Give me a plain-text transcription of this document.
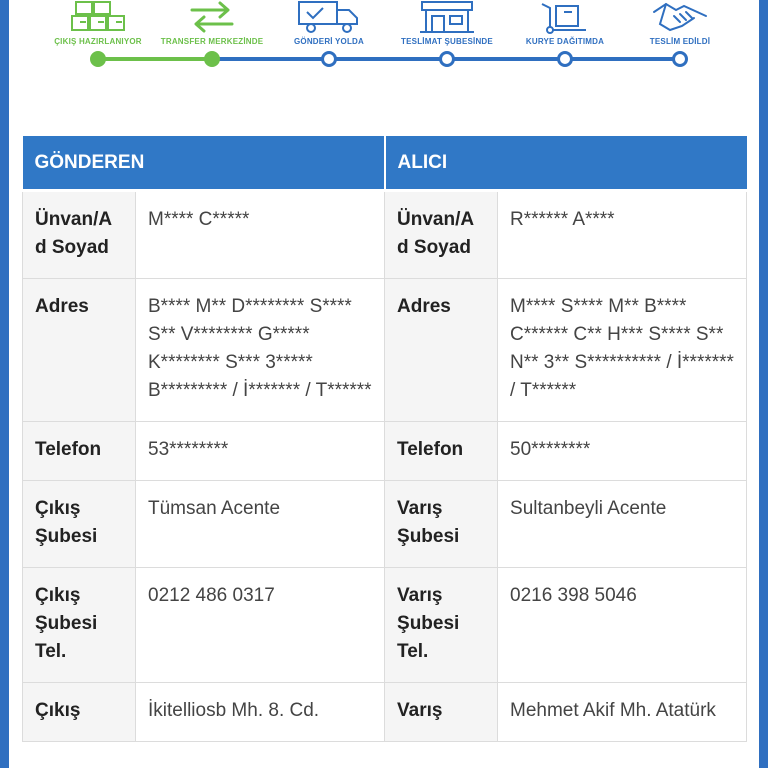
ÇIKIŞ HAZIRLANIYOR	TRANSFER MERKEZİNDE	GÖNDERİ YOLDA	TESLİMAT ŞUBESİNDE	KURYE DAĞITIMDA	TESLİM EDİLDİ
GÖNDEREN		ALICI	
Ünvan/Ad Soyad	M**** C*****	Ünvan/Ad Soyad	R****** A****
Adres	B**** M** D******** S**** S** V******** G***** K******** S*** 3***** B********* / İ******* / T******	Adres	M**** S**** M** B**** C****** C** H*** S**** S** N** 3** S********** / İ******* / T******
Telefon	53********	Telefon	50********
Çıkış Şubesi	Tümsan Acente	Varış Şubesi	Sultanbeyli Acente
Çıkış Şubesi Tel.	0212 486 0317	Varış Şubesi Tel.	0216 398 5046
Çıkış	İkitelliosb Mh. 8. Cd.	Varış	Mehmet Akif Mh. Atatürk
